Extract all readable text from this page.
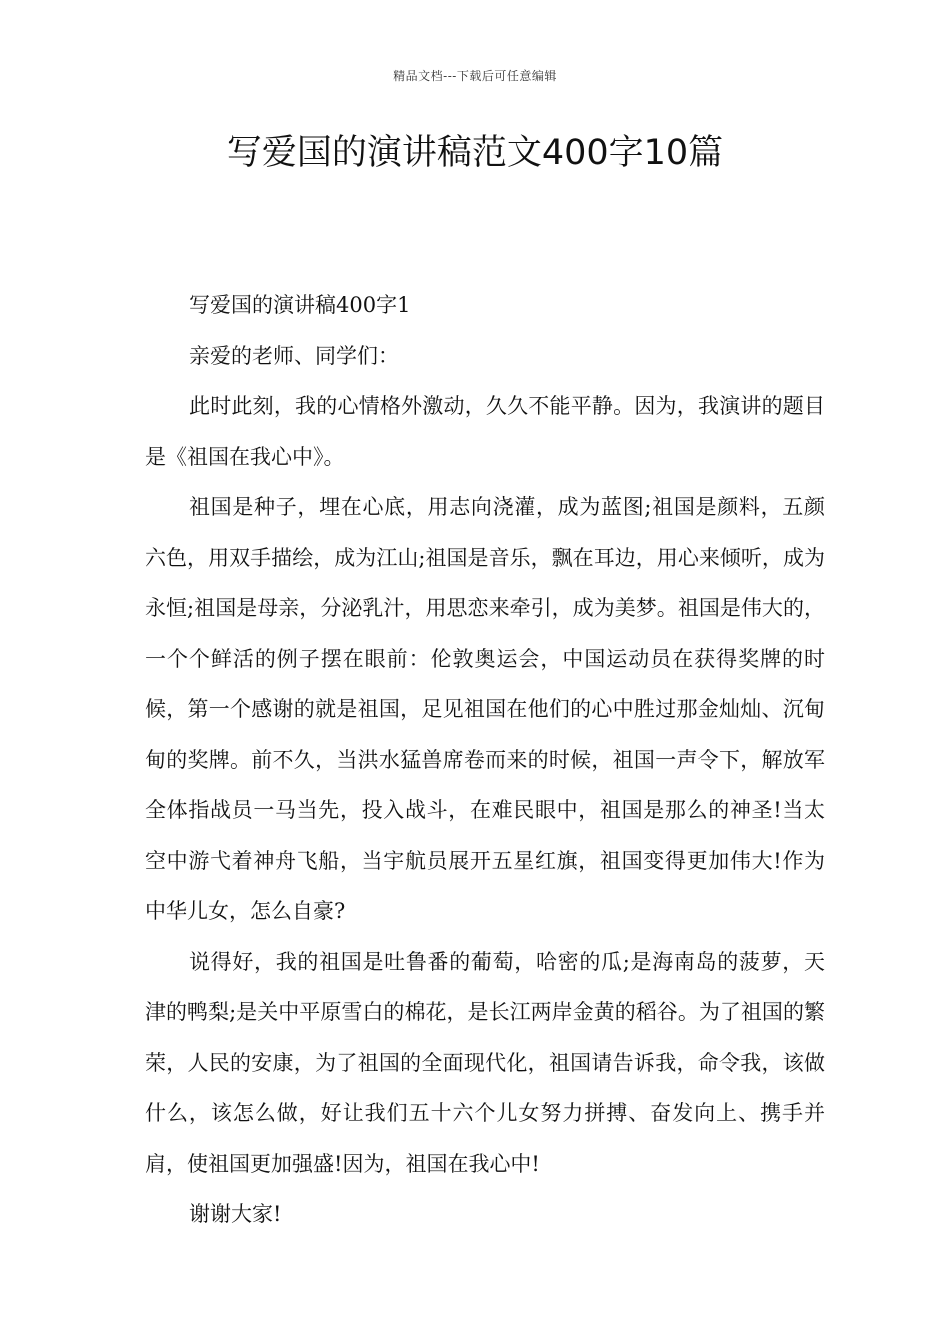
精品文档---下载后可任意编辑
写爱国的演讲稿范文400字10篇

写爱国的演讲稿400字1

亲爱的老师、同学们：

此时此刻，我的心情格外激动，久久不能平静。因为，我演讲的题目是《祖国在我心中》。

祖国是种子，埋在心底，用志向浇灌，成为蓝图;祖国是颜料，五颜六色，用双手描绘，成为江山;祖国是音乐，飘在耳边，用心来倾听，成为永恒;祖国是母亲，分泌乳汁，用思恋来牵引，成为美梦。祖国是伟大的，一个个鲜活的例子摆在眼前：伦敦奥运会，中国运动员在获得奖牌的时候，第一个感谢的就是祖国，足见祖国在他们的心中胜过那金灿灿、沉甸甸的奖牌。前不久，当洪水猛兽席卷而来的时候，祖国一声令下，解放军全体指战员一马当先，投入战斗，在难民眼中，祖国是那么的神圣!当太空中游弋着神舟飞船，当宇航员展开五星红旗，祖国变得更加伟大!作为中华儿女，怎么自豪?

说得好，我的祖国是吐鲁番的葡萄，哈密的瓜;是海南岛的菠萝，天津的鸭梨;是关中平原雪白的棉花，是长江两岸金黄的稻谷。为了祖国的繁荣，人民的安康，为了祖国的全面现代化，祖国请告诉我，命令我，该做什么，该怎么做，好让我们五十六个儿女努力拼搏、奋发向上、携手并肩，使祖国更加强盛!因为，祖国在我心中!

谢谢大家!
